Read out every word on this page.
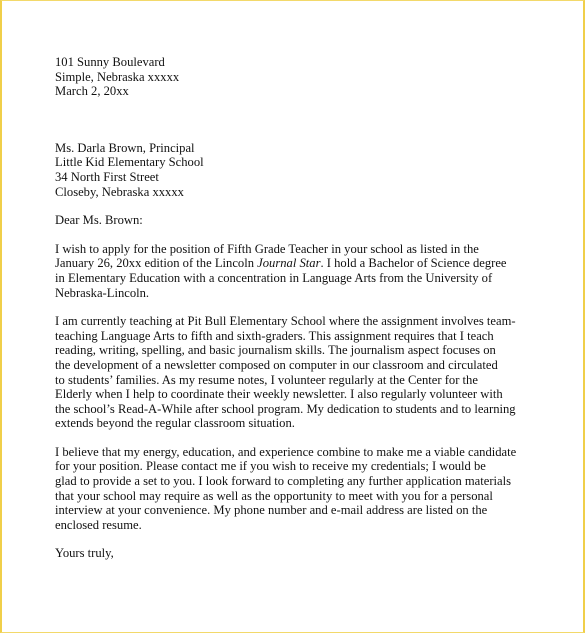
101 Sunny Boulevard
Simple, Nebraska xxxxx
March 2, 20xx
Ms. Darla Brown, Principal
Little Kid Elementary School
34 North First Street
Closeby, Nebraska xxxxx
Dear Ms. Brown:
I wish to apply for the position of Fifth Grade Teacher in your school as listed in the
January 26, 20xx edition of the Lincoln Journal Star. I hold a Bachelor of Science degree
in Elementary Education with a concentration in Language Arts from the University of
Nebraska-Lincoln.
I am currently teaching at Pit Bull Elementary School where the assignment involves team-
teaching Language Arts to fifth and sixth-graders. This assignment requires that I teach
reading, writing, spelling, and basic journalism skills. The journalism aspect focuses on
the development of a newsletter composed on computer in our classroom and circulated
to students’ families. As my resume notes, I volunteer regularly at the Center for the
Elderly when I help to coordinate their weekly newsletter. I also regularly volunteer with
the school’s Read-A-While after school program. My dedication to students and to learning
extends beyond the regular classroom situation.
I believe that my energy, education, and experience combine to make me a viable candidate
for your position. Please contact me if you wish to receive my credentials; I would be
glad to provide a set to you. I look forward to completing any further application materials
that your school may require as well as the opportunity to meet with you for a personal
interview at your convenience. My phone number and e-mail address are listed on the
enclosed resume.
Yours truly,
